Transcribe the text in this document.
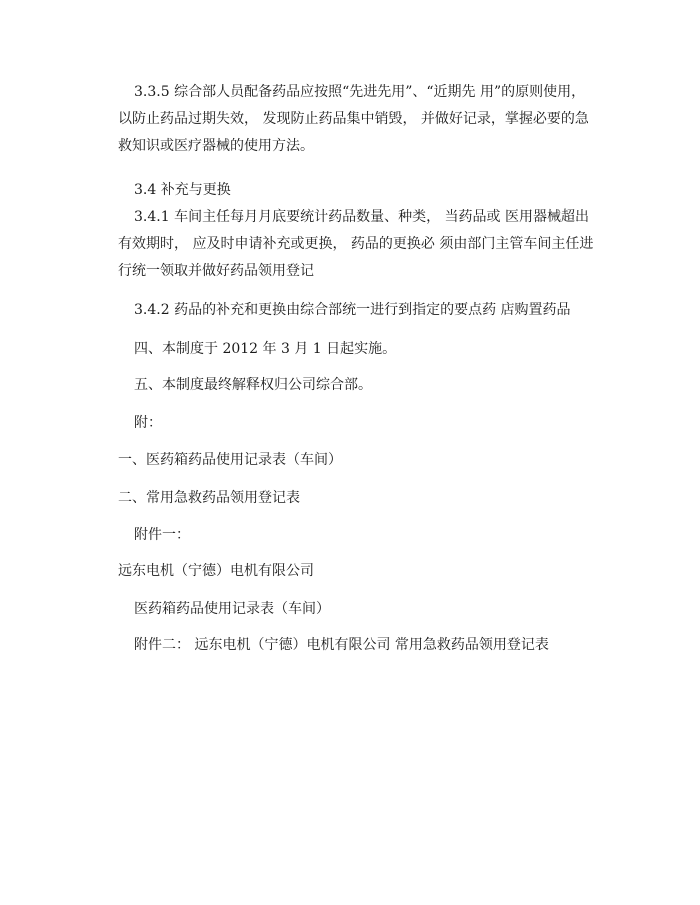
3.3.5 综合部人员配备药品应按照“先进先用”、“近期先 用”的原则使用， 以防止药品过期失效， 发现防止药品集中销毁， 并做好记录，掌握必要的急救知识或医疗器械的使用方法。

3.4 补充与更换

3.4.1 车间主任每月月底要统计药品数量、种类， 当药品或 医用器械超出有效期时， 应及时申请补充或更换， 药品的更换必 须由部门主管车间主任进行统一领取并做好药品领用登记

3.4.2 药品的补充和更换由综合部统一进行到指定的要点药 店购置药品

四、本制度于 2012 年 3 月 1 日起实施。

五、本制度最终解释权归公司综合部。

附：

一、医药箱药品使用记录表（车间）

二、常用急救药品领用登记表

附件一：

远东电机（宁德）电机有限公司

医药箱药品使用记录表（车间）

附件二： 远东电机（宁德）电机有限公司 常用急救药品领用登记表
